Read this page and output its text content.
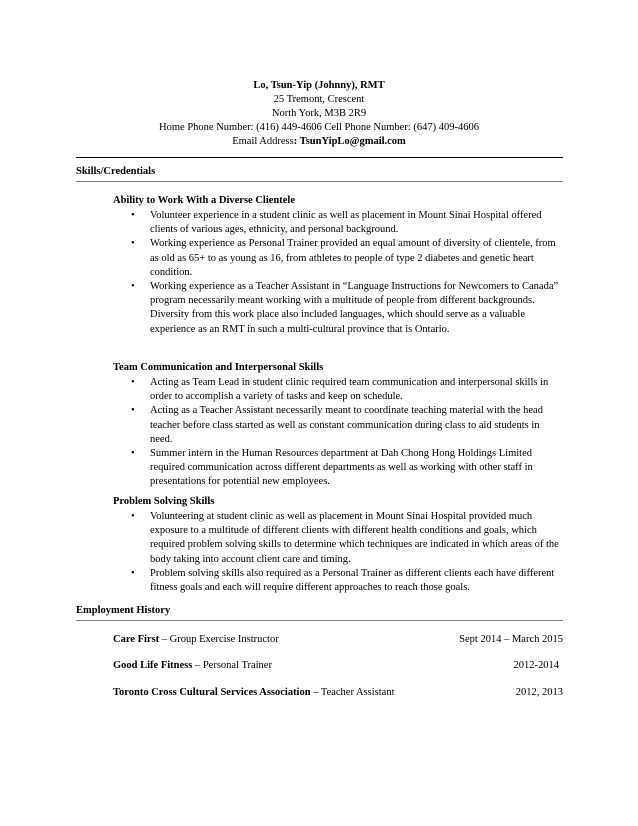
Lo, Tsun-Yip (Johnny), RMT
25 Tremont, Crescent
North York, M3B 2R9
Home Phone Number: (416) 449-4606 Cell Phone Number: (647) 409-4606
Email Address: TsunYipLo@gmail.com
Skills/Credentials
Ability to Work With a Diverse Clientele
• Volunteer experience in a student clinic as well as placement in Mount Sinai Hospital offered clients of various ages, ethnicity, and personal background.
• Working experience as Personal Trainer provided an equal amount of diversity of clientele, from as old as 65+ to as young as 16, from athletes to people of type 2 diabetes and genetic heart condition.
• Working experience as a Teacher Assistant in “Language Instructions for Newcomers to Canada” program necessarily meant working with a multitude of people from different backgrounds. Diversity from this work place also included languages, which should serve as a valuable experience as an RMT in such a multi-cultural province that is Ontario.
Team Communication and Interpersonal Skills
• Acting as Team Lead in student clinic required team communication and interpersonal skills in order to accomplish a variety of tasks and keep on schedule.
• Acting as a Teacher Assistant necessarily meant to coordinate teaching material with the head teacher before class started as well as constant communication during class to aid students in need.
• Summer intern in the Human Resources department at Dah Chong Hong Holdings Limited required communication across different departments as well as working with other staff in presentations for potential new employees.
Problem Solving Skills
• Volunteering at student clinic as well as placement in Mount Sinai Hospital provided much exposure to a multitude of different clients with different health conditions and goals, which required problem solving skills to determine which techniques are indicated in which areas of the body taking into account client care and timing.
• Problem solving skills also required as a Personal Trainer as different clients each have different fitness goals and each will require different approaches to reach those goals.
Employment History
Care First – Group Exercise Instructor	Sept 2014 – March 2015
Good Life Fitness – Personal Trainer	2012-2014
Toronto Cross Cultural Services Association – Teacher Assistant	2012, 2013
